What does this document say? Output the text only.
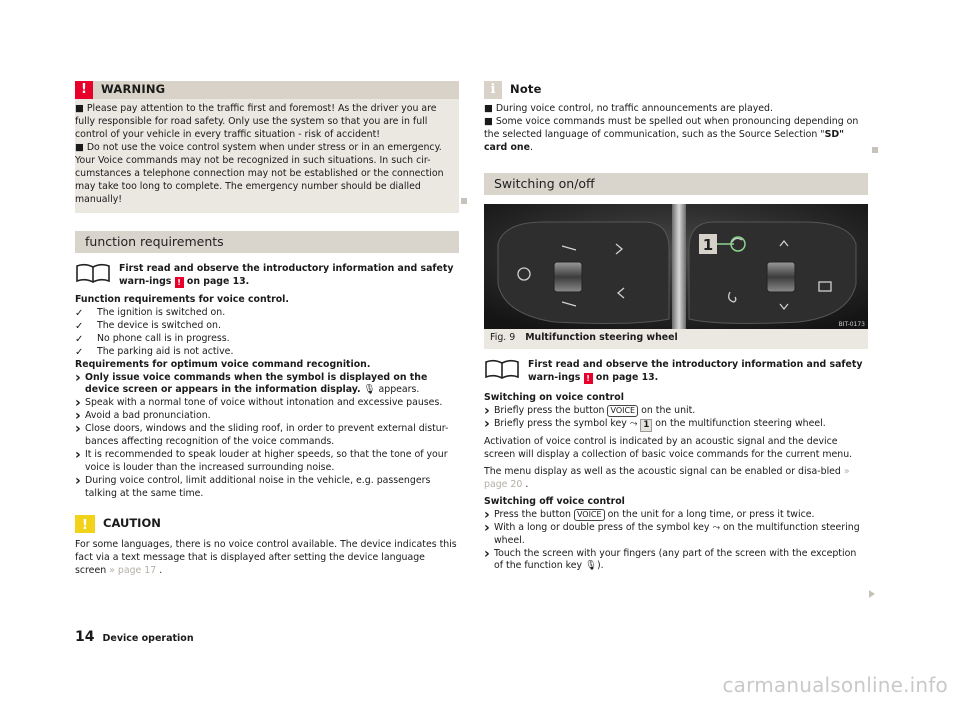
!	WARNING

■ Please pay attention to the traffic first and foremost! As the driver you are fully responsible for road safety. Only use the system so that you are in full control of your vehicle in every traffic situation - risk of accident!

■ Do not use the voice control system when under stress or in an emergency. Your Voice commands may not be recognized in such situations. In such cir-cumstances a telephone connection may not be established or the connection may take too long to complete. The emergency number should be dialled manually!

function requirements

First read and observe the introductory information and safety warn-ings ! on page 13.

Function requirements for voice control.

✓ The ignition is switched on.
✓ The device is switched on.
✓ No phone call is in progress.
✓ The parking aid is not active.

Requirements for optimum voice command recognition.

› Only issue voice commands when the symbol is displayed on the device screen or appears in the information display. 🎙 appears.
› Speak with a normal tone of voice without intonation and excessive pauses.
› Avoid a bad pronunciation.
› Close doors, windows and the sliding roof, in order to prevent external distur-bances affecting recognition of the voice commands.
› It is recommended to speak louder at higher speeds, so that the tone of your voice is louder than the increased surrounding noise.
› During voice control, limit additional noise in the vehicle, e.g. passengers talking at the same time.
! CAUTION

For some languages, there is no voice control available. The device indicates this fact via a text message that is displayed after setting the device language screen » page 17 .

i	Note

■ During voice control, no traffic announcements are played.

■ Some voice commands must be spelled out when pronouncing depending on the selected language of communication, such as the Source Selection "SD" card one.

Switching on/off
1
BIT-0173
Fig. 9 Multifunction steering wheel

First read and observe the introductory information and safety warn-ings ! on page 13.

Switching on voice control

› Briefly press the button VOICE on the unit.
› Briefly press the symbol key ⤳ 1 on the multifunction steering wheel.

Activation of voice control is indicated by an acoustic signal and the device screen will display a collection of basic voice commands for the current menu.

The menu display as well as the acoustic signal can be enabled or disa-bled » page 20 .

Switching off voice control

› Press the button VOICE on the unit for a long time, or press it twice.
› With a long or double press of the symbol key ⤳ on the multifunction steering wheel.
› Touch the screen with your fingers (any part of the screen with the exception of the function key 🎙).
14 Device operation
carmanualsonline.info
